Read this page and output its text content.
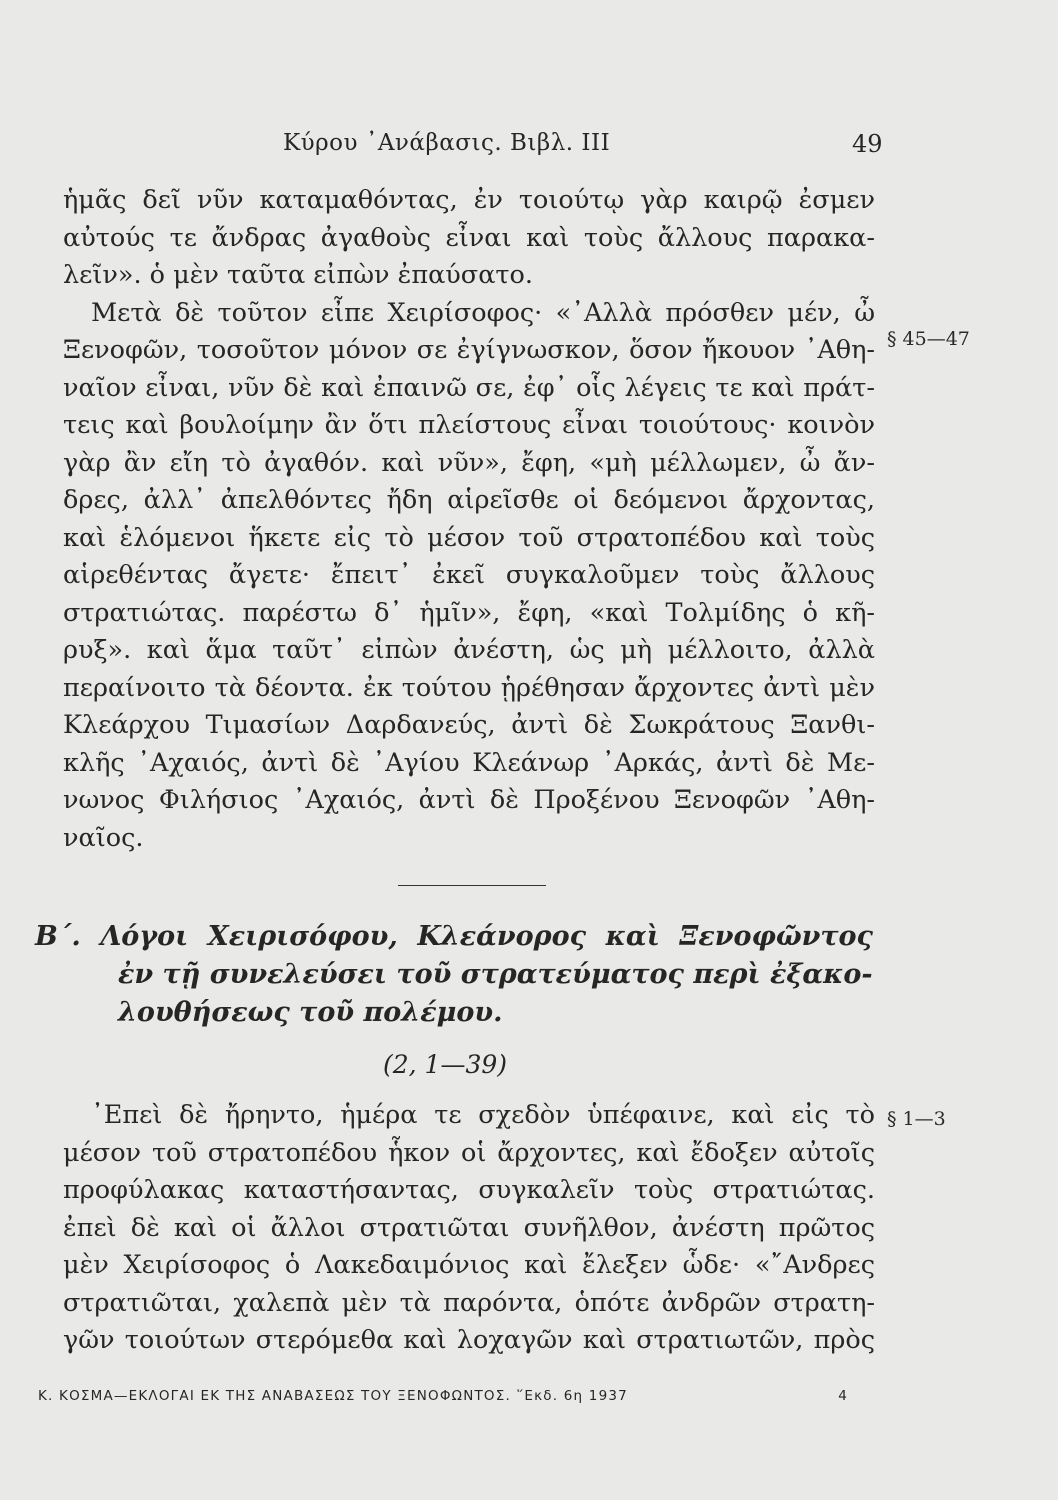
Κύρου ᾿Ανάβασις. Βιβλ. ΙΙΙ	49
ἡμᾶς δεῖ νῦν καταμαθόντας, ἐν τοιούτῳ γὰρ καιρῷ ἐσμεν
αὐτούς τε ἄνδρας ἀγαθοὺς εἶναι καὶ τοὺς ἄλλους παρακα-
λεῖν». ὁ μὲν ταῦτα εἰπὼν ἐπαύσατο.
Μετὰ δὲ τοῦτον εἶπε Χειρίσοφος· «᾿Αλλὰ πρόσθεν μέν, ὦ
Ξενοφῶν, τοσοῦτον μόνον σε ἐγίγνωσκον, ὅσον ἤκουον ᾿Αθη-
ναῖον εἶναι, νῦν δὲ καὶ ἐπαινῶ σε, ἐφ᾿ οἷς λέγεις τε καὶ πράτ-
τεις καὶ βουλοίμην ἂν ὅτι πλείστους εἶναι τοιούτους· κοινὸν
γὰρ ἂν εἴη τὸ ἀγαθόν. καὶ νῦν», ἔφη, «μὴ μέλλωμεν, ὦ ἄν-
δρες, ἀλλ᾿ ἀπελθόντες ἤδη αἱρεῖσθε οἱ δεόμενοι ἄρχοντας,
καὶ ἑλόμενοι ἥκετε εἰς τὸ μέσον τοῦ στρατοπέδου καὶ τοὺς
αἱρεθέντας ἄγετε· ἔπειτ᾿ ἐκεῖ συγκαλοῦμεν τοὺς ἄλλους
στρατιώτας. παρέστω δ᾿ ἡμῖν», ἔφη, «καὶ Τολμίδης ὁ κῆ-
ρυξ». καὶ ἅμα ταῦτ᾿ εἰπὼν ἀνέστη, ὡς μὴ μέλλοιτο, ἀλλὰ
περαίνοιτο τὰ δέοντα. ἐκ τούτου ᾑρέθησαν ἄρχοντες ἀντὶ μὲν
Κλεάρχου Τιμασίων Δαρδανεύς, ἀντὶ δὲ Σωκράτους Ξανθι-
κλῆς ᾿Αχαιός, ἀντὶ δὲ ᾿Αγίου Κλεάνωρ ᾿Αρκάς, ἀντὶ δὲ Με-
νωνος Φιλήσιος ᾿Αχαιός, ἀντὶ δὲ Προξένου Ξενοφῶν ᾿Αθη-
ναῖος.
§ 45—47
Β΄. Λόγοι Χειρισόφου, Κλεάνορος καὶ Ξενοφῶντος
ἐν τῇ συνελεύσει τοῦ στρατεύματος περὶ ἐξακο-
λουθήσεως τοῦ πολέμου.
(2, 1—39)
᾿Επεὶ δὲ ἤρηντο, ἡμέρα τε σχεδὸν ὑπέφαινε, καὶ εἰς τὸ
μέσον τοῦ στρατοπέδου ἧκον οἱ ἄρχοντες, καὶ ἔδοξεν αὐτοῖς
προφύλακας καταστήσαντας, συγκαλεῖν τοὺς στρατιώτας.
ἐπεὶ δὲ καὶ οἱ ἄλλοι στρατιῶται συνῆλθον, ἀνέστη πρῶτος
μὲν Χειρίσοφος ὁ Λακεδαιμόνιος καὶ ἔλεξεν ὧδε· «῎Ανδρες
στρατιῶται, χαλεπὰ μὲν τὰ παρόντα, ὁπότε ἀνδρῶν στρατη-
γῶν τοιούτων στερόμεθα καὶ λοχαγῶν καὶ στρατιωτῶν, πρὸς
§ 1—3
Κ. ΚΟΣΜΑ—ΕΚΛΟΓΑΙ ΕΚ ΤΗΣ ΑΝΑΒΑΣΕΩΣ ΤΟΥ ΞΕΝΟΦΩΝΤΟΣ. ῞Εκδ. 6η 1937	4
